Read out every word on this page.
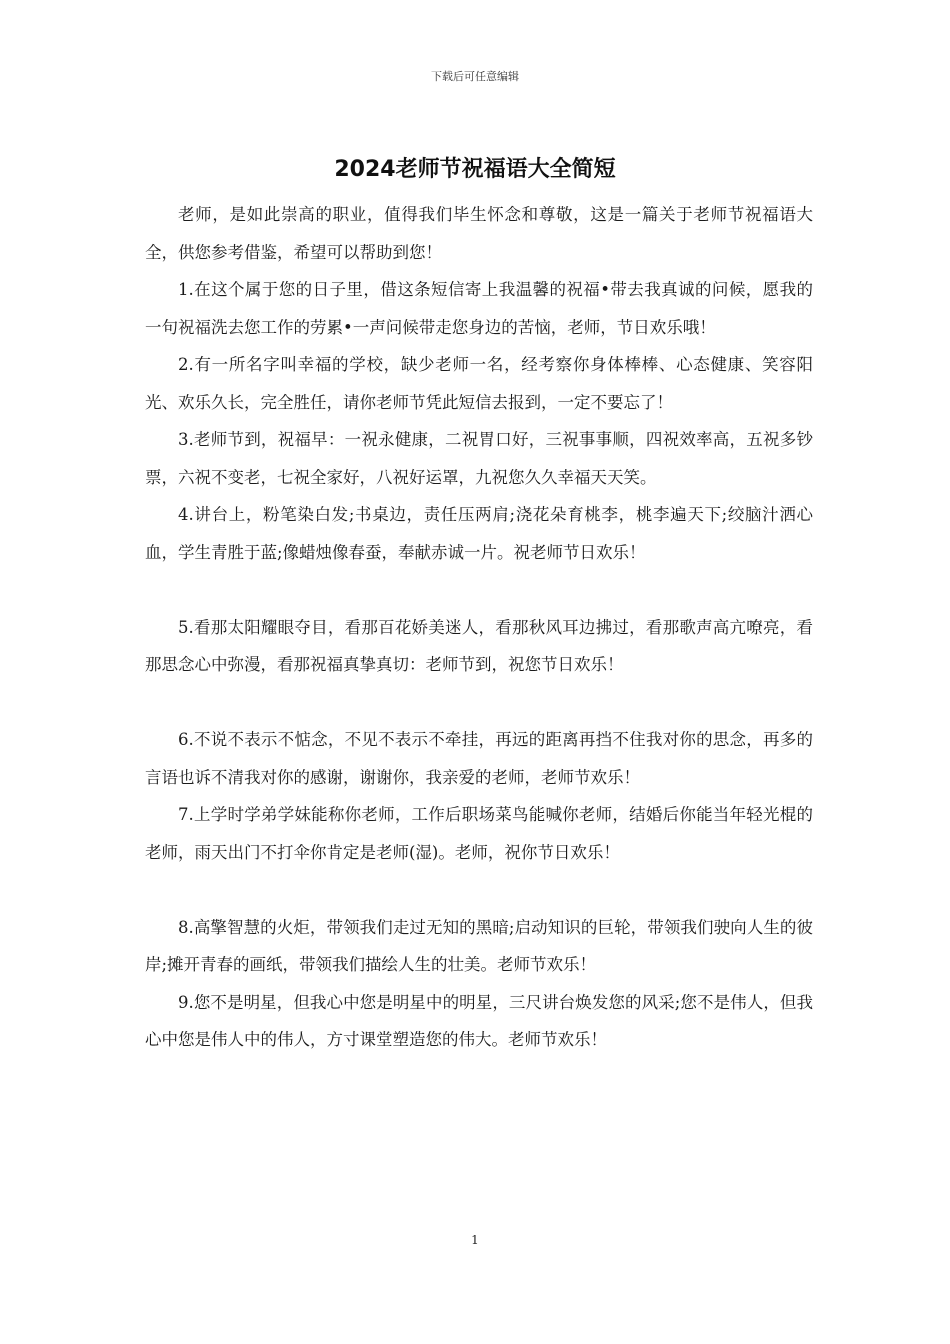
下载后可任意编辑
2024老师节祝福语大全简短

老师，是如此崇高的职业，值得我们毕生怀念和尊敬，这是一篇关于老师节祝福语大全，供您参考借鉴，希望可以帮助到您！

1.在这个属于您的日子里，借这条短信寄上我温馨的祝福•带去我真诚的问候，愿我的一句祝福洗去您工作的劳累•一声问候带走您身边的苦恼，老师，节日欢乐哦！

2.有一所名字叫幸福的学校，缺少老师一名，经考察你身体棒棒、心态健康、笑容阳光、欢乐久长，完全胜任，请你老师节凭此短信去报到，一定不要忘了！

3.老师节到，祝福早：一祝永健康，二祝胃口好，三祝事事顺，四祝效率高，五祝多钞票，六祝不变老，七祝全家好，八祝好运罩，九祝您久久幸福天天笑。

4.讲台上，粉笔染白发;书桌边，责任压两肩;浇花朵育桃李，桃李遍天下;绞脑汁洒心血，学生青胜于蓝;像蜡烛像春蚕，奉献赤诚一片。祝老师节日欢乐！

5.看那太阳耀眼夺目，看那百花娇美迷人，看那秋风耳边拂过，看那歌声高亢嘹亮，看那思念心中弥漫，看那祝福真挚真切：老师节到，祝您节日欢乐！

6.不说不表示不惦念，不见不表示不牵挂，再远的距离再挡不住我对你的思念，再多的言语也诉不清我对你的感谢，谢谢你，我亲爱的老师，老师节欢乐！

7.上学时学弟学妹能称你老师，工作后职场菜鸟能喊你老师，结婚后你能当年轻光棍的老师，雨天出门不打伞你肯定是老师(湿)。老师，祝你节日欢乐！

8.高擎智慧的火炬，带领我们走过无知的黑暗;启动知识的巨轮，带领我们驶向人生的彼岸;摊开青春的画纸，带领我们描绘人生的壮美。老师节欢乐！

9.您不是明星，但我心中您是明星中的明星，三尺讲台焕发您的风采;您不是伟人，但我心中您是伟人中的伟人，方寸课堂塑造您的伟大。老师节欢乐！

1
